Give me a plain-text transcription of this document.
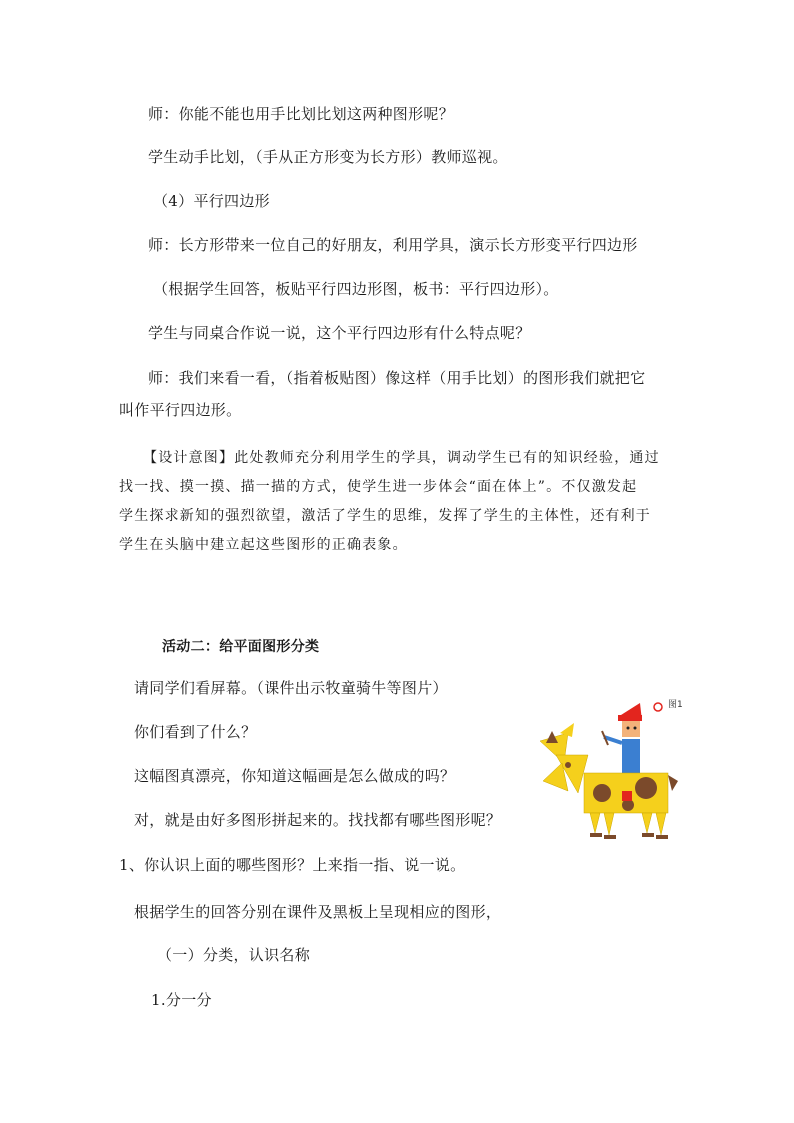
师：你能不能也用手比划比划这两种图形呢？
学生动手比划，（手从正方形变为长方形）教师巡视。
（4）平行四边形
师：长方形带来一位自己的好朋友，利用学具，演示长方形变平行四边形
（根据学生回答，板贴平行四边形图，板书：平行四边形）。
学生与同桌合作说一说，这个平行四边形有什么特点呢？
师：我们来看一看，（指着板贴图）像这样（用手比划）的图形我们就把它
叫作平行四边形。
【设计意图】此处教师充分利用学生的学具，调动学生已有的知识经验，通过
找一找、摸一摸、描一描的方式，使学生进一步体会“面在体上”。不仅激发起
学生探求新知的强烈欲望，激活了学生的思维，发挥了学生的主体性，还有利于
学生在头脑中建立起这些图形的正确表象。
活动二：给平面图形分类
请同学们看屏幕。（课件出示牧童骑牛等图片）
你们看到了什么？
这幅图真漂亮，你知道这幅画是怎么做成的吗？
对，就是由好多图形拼起来的。找找都有哪些图形呢？
1、你认识上面的哪些图形？上来指一指、说一说。
根据学生的回答分别在课件及黑板上呈现相应的图形，
（一）分类，认识名称
1.分一分
图1
